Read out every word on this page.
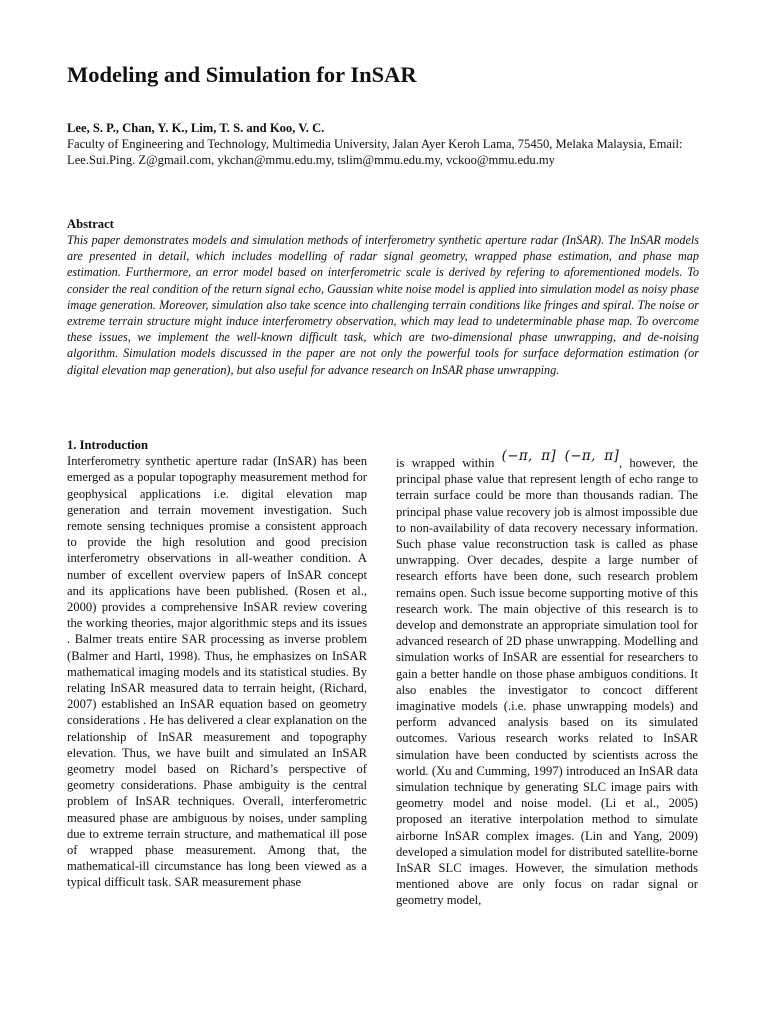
Modeling and Simulation for InSAR
Lee, S. P., Chan, Y. K., Lim, T. S. and Koo, V. C.
Faculty of Engineering and Technology, Multimedia University, Jalan Ayer Keroh Lama, 75450, Melaka Malaysia, Email: Lee.Sui.Ping. Z@gmail.com, ykchan@mmu.edu.my, tslim@mmu.edu.my, vckoo@mmu.edu.my
Abstract
This paper demonstrates models and simulation methods of interferometry synthetic aperture radar (InSAR). The InSAR models are presented in detail, which includes modelling of radar signal geometry, wrapped phase estimation, and phase map estimation. Furthermore, an error model based on interferometric scale is derived by refering to aforementioned models. To consider the real condition of the return signal echo, Gaussian white noise model is applied into simulation model as noisy phase image generation. Moreover, simulation also take scence into challenging terrain conditions like fringes and spiral. The noise or extreme terrain structure might induce interferometry observation, which may lead to undeterminable phase map. To overcome these issues, we implement the well-known difficult task, which are two-dimensional phase unwrapping, and de-noising algorithm. Simulation models discussed in the paper are not only the powerful tools for surface deformation estimation (or digital elevation map generation), but also useful for advance research on InSAR phase unwrapping.

1. Introduction

Interferometry synthetic aperture radar (InSAR) has been emerged as a popular topography measurement method for geophysical applications i.e. digital elevation map generation and terrain movement investigation. Such remote sensing techniques promise a consistent approach to provide the high resolution and good precision interferometry observations in all-weather condition. A number of excellent overview papers of InSAR concept and its applications have been published. (Rosen et al., 2000) provides a comprehensive InSAR review covering the working theories, major algorithmic steps and its issues . Balmer treats entire SAR processing as inverse problem (Balmer and Hartl, 1998). Thus, he emphasizes on InSAR mathematical imaging models and its statistical studies. By relating InSAR measured data to terrain height, (Richard, 2007) established an InSAR equation based on geometry considerations . He has delivered a clear explanation on the relationship of InSAR measurement and topography elevation. Thus, we have built and simulated an InSAR geometry model based on Richard’s perspective of geometry considerations. Phase ambiguity is the central problem of InSAR techniques. Overall, interferometric measured phase are ambiguous by noises, under sampling due to extreme terrain structure, and mathematical ill pose of wrapped phase measurement. Among that, the mathematical-ill circumstance has long been viewed as a typical difficult task. SAR measurement phase

is wrapped within (−π, π] (−π, π], however, the principal phase value that represent length of echo range to terrain surface could be more than thousands radian. The principal phase value recovery job is almost impossible due to non-availability of data recovery necessary information. Such phase value reconstruction task is called as phase unwrapping. Over decades, despite a large number of research efforts have been done, such research problem remains open. Such issue become supporting motive of this research work. The main objective of this research is to develop and demonstrate an appropriate simulation tool for advanced research of 2D phase unwrapping. Modelling and simulation works of InSAR are essential for researchers to gain a better handle on those phase ambiguos conditions. It also enables the investigator to concoct different imaginative models (.i.e. phase unwrapping models) and perform advanced analysis based on its simulated outcomes. Various research works related to InSAR simulation have been conducted by scientists across the world. (Xu and Cumming, 1997) introduced an InSAR data simulation technique by generating SLC image pairs with geometry model and noise model. (Li et al., 2005) proposed an iterative interpolation method to simulate airborne InSAR complex images. (Lin and Yang, 2009) developed a simulation model for distributed satellite-borne InSAR SLC images. However, the simulation methods mentioned above are only focus on radar signal or geometry model,
